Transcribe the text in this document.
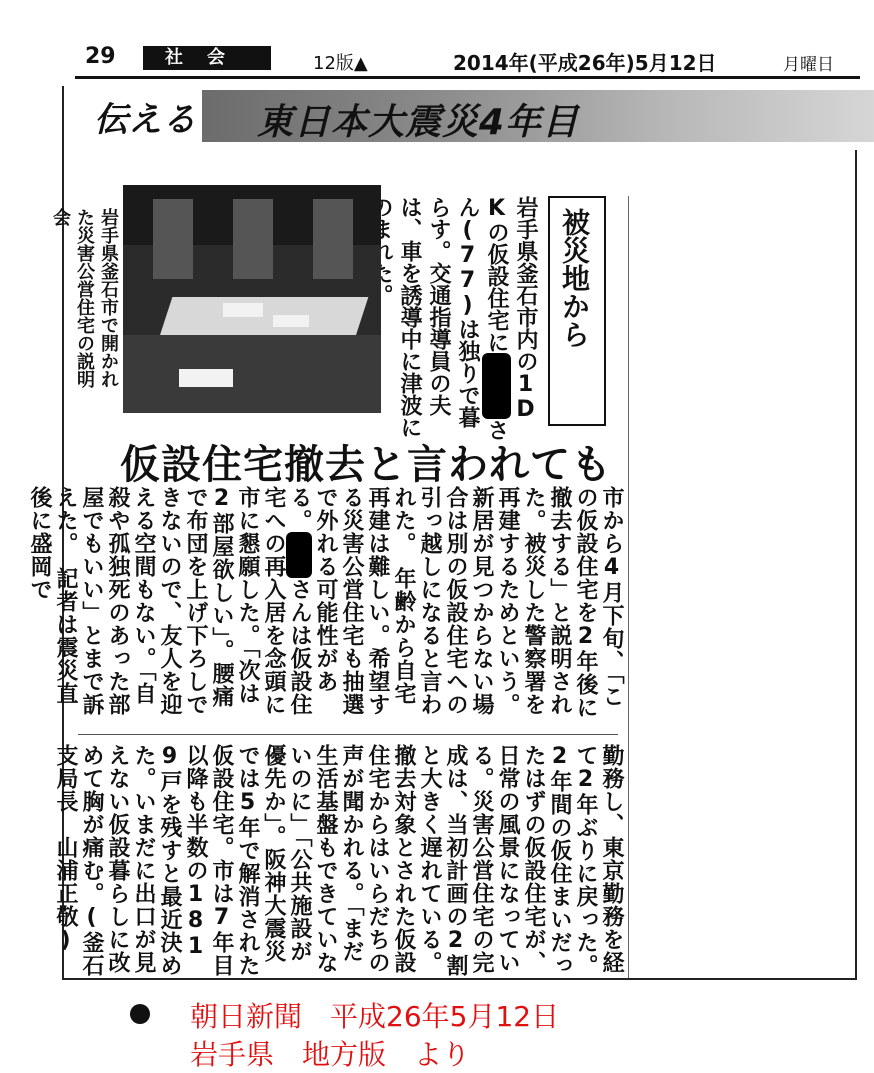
29	社会	12版▲	2014年(平成26年)5月12日	月曜日
伝える 東日本大震災4年目

被災地から

岩手県釜石市内の1DKの仮設住宅に名名名さん(77)は独りで暮らす。交通指導員の夫は、車を誘導中に津波に

岩手県釜石市で開かれた災害公営住宅の説明会

仮設住宅撤去と言われても

市から4月下旬、「この仮設住宅を2年後に撤去する」と説明された。被災した警察署を再建するためという。新居が見つからない場合は別の仮設住宅への引っ越しになると言われた。　年齢から自宅再建は難しい。希望する災害公営住宅も抽選で外れる可能性がある。名名さんは仮設住宅への再入居を念頭に市に懇願した。「次は2部屋欲しい」。腰痛で布団を上げ下ろしできないので、友人を迎える空間もない。「自殺や孤独死のあった部屋でもいい」とまで訴えた。　記者は震災直後に盛岡で

勤務し、東京勤務を経て2年ぶりに戻った。2年間の仮住まいだったはずの仮設住宅が、日常の風景になっている。災害公営住宅の完成は、当初計画の2割と大きく遅れている。　撤去対象とされた仮設住宅からはいらだちの声が聞かれる。「まだ生活基盤もできていないのに」「公共施設が優先か」。阪神大震災では5年で解消された仮設住宅。市は7年目以降も半数の1819戸を残すと最近決めた。いまだに出口が見えない仮設暮らしに改めて胸が痛む。(釜石支局長　山浦正敬)

朝日新聞　平成26年5月12日
岩手県　地方版　より
